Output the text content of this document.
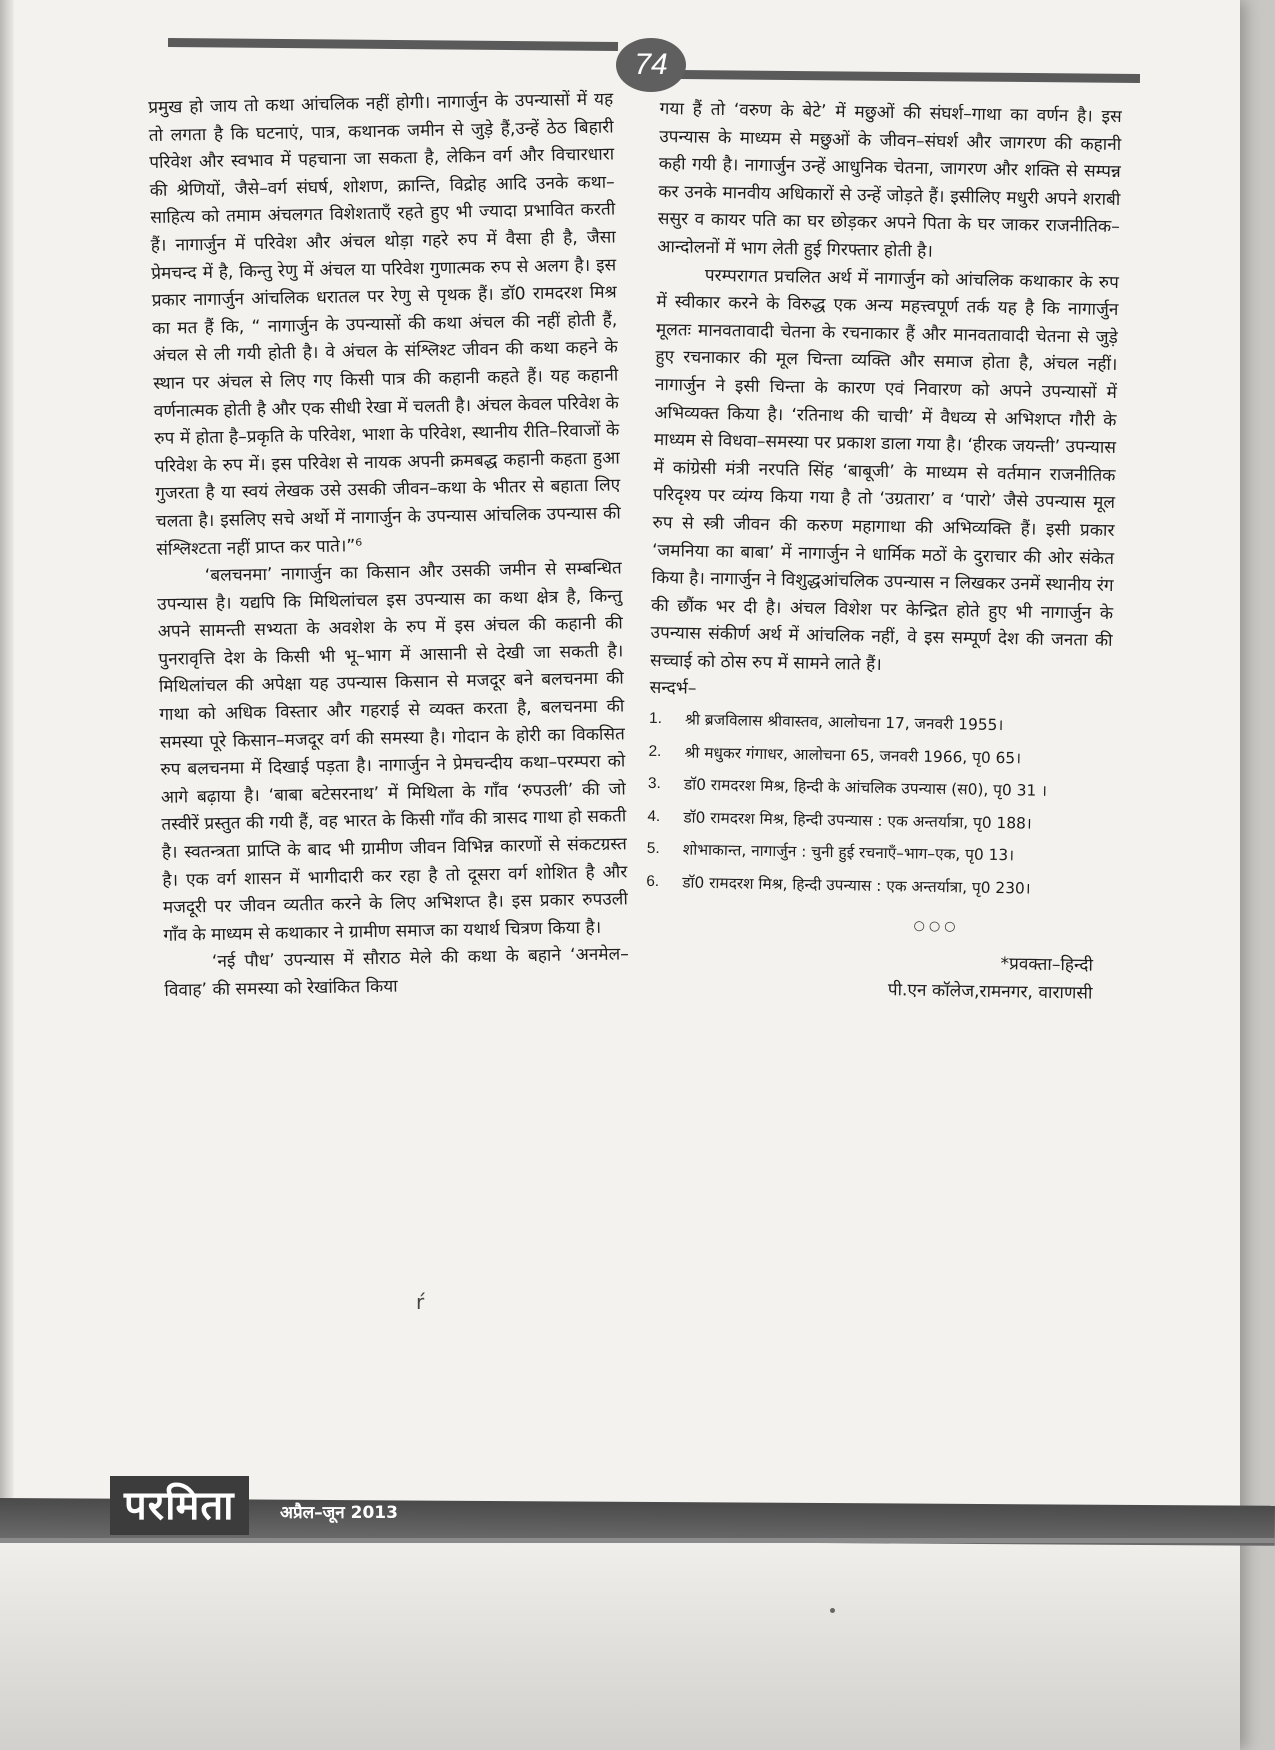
74

प्रमुख हो जाय तो कथा आंचलिक नहीं होगी। नागार्जुन के उपन्यासों में यह तो लगता है कि घटनाएं, पात्र, कथानक जमीन से जुड़े हैं,उन्हें ठेठ बिहारी परिवेश और स्वभाव में पहचाना जा सकता है, लेकिन वर्ग और विचारधारा की श्रेणियों, जैसे–वर्ग संघर्ष, शोशण, क्रान्ति, विद्रोह आदि उनके कथा–साहित्य को तमाम अंचलगत विशेशताएँ रहते हुए भी ज्यादा प्रभावित करती हैं। नागार्जुन में परिवेश और अंचल थोड़ा गहरे रुप में वैसा ही है, जैसा प्रेमचन्द में है, किन्तु रेणु में अंचल या परिवेश गुणात्मक रुप से अलग है। इस प्रकार नागार्जुन आंचलिक धरातल पर रेणु से पृथक हैं। डॉ0 रामदरश मिश्र का मत हैं कि, “ नागार्जुन के उपन्यासों की कथा अंचल की नहीं होती हैं, अंचल से ली गयी होती है। वे अंचल के संश्लिश्ट जीवन की कथा कहने के स्थान पर अंचल से लिए गए किसी पात्र की कहानी कहते हैं। यह कहानी वर्णनात्मक होती है और एक सीधी रेखा में चलती है। अंचल केवल परिवेश के रुप में होता है–प्रकृति के परिवेश, भाशा के परिवेश, स्थानीय रीति–रिवाजों के परिवेश के रुप में। इस परिवेश से नायक अपनी क्रमबद्ध कहानी कहता हुआ गुजरता है या स्वयं लेखक उसे उसकी जीवन–कथा के भीतर से बहाता लिए चलता है। इसलिए सचे अर्थो में नागार्जुन के उपन्यास आंचलिक उपन्यास की संश्लिश्टता नहीं प्राप्त कर पाते।”⁶

‘बलचनमा’ नागार्जुन का किसान और उसकी जमीन से सम्बन्धित उपन्यास है। यद्यपि कि मिथिलांचल इस उपन्यास का कथा क्षेत्र है, किन्तु अपने सामन्ती सभ्यता के अवशेश के रुप में इस अंचल की कहानी की पुनरावृत्ति देश के किसी भी भू–भाग में आसानी से देखी जा सकती है। मिथिलांचल की अपेक्षा यह उपन्यास किसान से मजदूर बने बलचनमा की गाथा को अधिक विस्तार और गहराई से व्यक्त करता है, बलचनमा की समस्या पूरे किसान–मजदूर वर्ग की समस्या है। गोदान के होरी का विकसित रुप बलचनमा में दिखाई पड़ता है। नागार्जुन ने प्रेमचन्दीय कथा–परम्परा को आगे बढ़ाया है। ‘बाबा बटेसरनाथ’ में मिथिला के गाँव ‘रुपउली’ की जो तस्वीरें प्रस्तुत की गयी हैं, वह भारत के किसी गाँव की त्रासद गाथा हो सकती है। स्वतन्त्रता प्राप्ति के बाद भी ग्रामीण जीवन विभिन्न कारणों से संकटग्रस्त है। एक वर्ग शासन में भागीदारी कर रहा है तो दूसरा वर्ग शोशित है और मजदूरी पर जीवन व्यतीत करने के लिए अभिशप्त है। इस प्रकार रुपउली गाँव के माध्यम से कथाकार ने ग्रामीण समाज का यथार्थ चित्रण किया है।

‘नई पौध’ उपन्यास में सौराठ मेले की कथा के बहाने ‘अनमेल–विवाह’ की समस्या को रेखांकित किया

गया हैं तो ‘वरुण के बेटे’ में मछुओं की संघर्श–गाथा का वर्णन है। इस उपन्यास के माध्यम से मछुओं के जीवन–संघर्श और जागरण की कहानी कही गयी है। नागार्जुन उन्हें आधुनिक चेतना, जागरण और शक्ति से सम्पन्न कर उनके मानवीय अधिकारों से उन्हें जोड़ते हैं। इसीलिए मधुरी अपने शराबी ससुर व कायर पति का घर छोड़कर अपने पिता के घर जाकर राजनीतिक–आन्दोलनों में भाग लेती हुई गिरफ्तार होती है।

परम्परागत प्रचलित अर्थ में नागार्जुन को आंचलिक कथाकार के रुप में स्वीकार करने के विरुद्ध एक अन्य महत्त्वपूर्ण तर्क यह है कि नागार्जुन मूलतः मानवतावादी चेतना के रचनाकार हैं और मानवतावादी चेतना से जुड़े हुए रचनाकार की मूल चिन्ता व्यक्ति और समाज होता है, अंचल नहीं। नागार्जुन ने इसी चिन्ता के कारण एवं निवारण को अपने उपन्यासों में अभिव्यक्त किया है। ‘रतिनाथ की चाची’ में वैधव्य से अभिशप्त गौरी के माध्यम से विधवा–समस्या पर प्रकाश डाला गया है। ‘हीरक जयन्ती’ उपन्यास में कांग्रेसी मंत्री नरपति सिंह ‘बाबूजी’ के माध्यम से वर्तमान राजनीतिक परिदृश्य पर व्यंग्य किया गया है तो ‘उग्रतारा’ व ‘पारो’ जैसे उपन्यास मूल रुप से स्त्री जीवन की करुण महागाथा की अभिव्यक्ति हैं। इसी प्रकार ‘जमनिया का बाबा’ में नागार्जुन ने धार्मिक मठों के दुराचार की ओर संकेत किया है। नागार्जुन ने विशुद्धआंचलिक उपन्यास न लिखकर उनमें स्थानीय रंग की छौंक भर दी है। अंचल विशेश पर केन्द्रित होते हुए भी नागार्जुन के उपन्यास संकीर्ण अर्थ में आंचलिक नहीं, वे इस सम्पूर्ण देश की जनता की सच्चाई को ठोस रुप में सामने लाते हैं।

सन्दर्भ–

1.	श्री ब्रजविलास श्रीवास्तव, आलोचना 17, जनवरी 1955।
2.	श्री मधुकर गंगाधर, आलोचना 65, जनवरी 1966, पृ0 65।
3.	डॉ0 रामदरश मिश्र, हिन्दी के आंचलिक उपन्यास (स0), पृ0 31 ।
4.	डॉ0 रामदरश मिश्र, हिन्दी उपन्यास : एक अन्तर्यात्रा, पृ0 188।
5.	शोभाकान्त, नागार्जुन : चुनी हुई रचनाएँ–भाग–एक, पृ0 13।
6.	डॉ0 रामदरश मिश्र, हिन्दी उपन्यास : एक अन्तर्यात्रा, पृ0 230।
○○○
*प्रवक्ता–हिन्दी
पी.एन कॉलेज,रामनगर, वाराणसी
ŕ
परमिता	अप्रैल–जून 2013
